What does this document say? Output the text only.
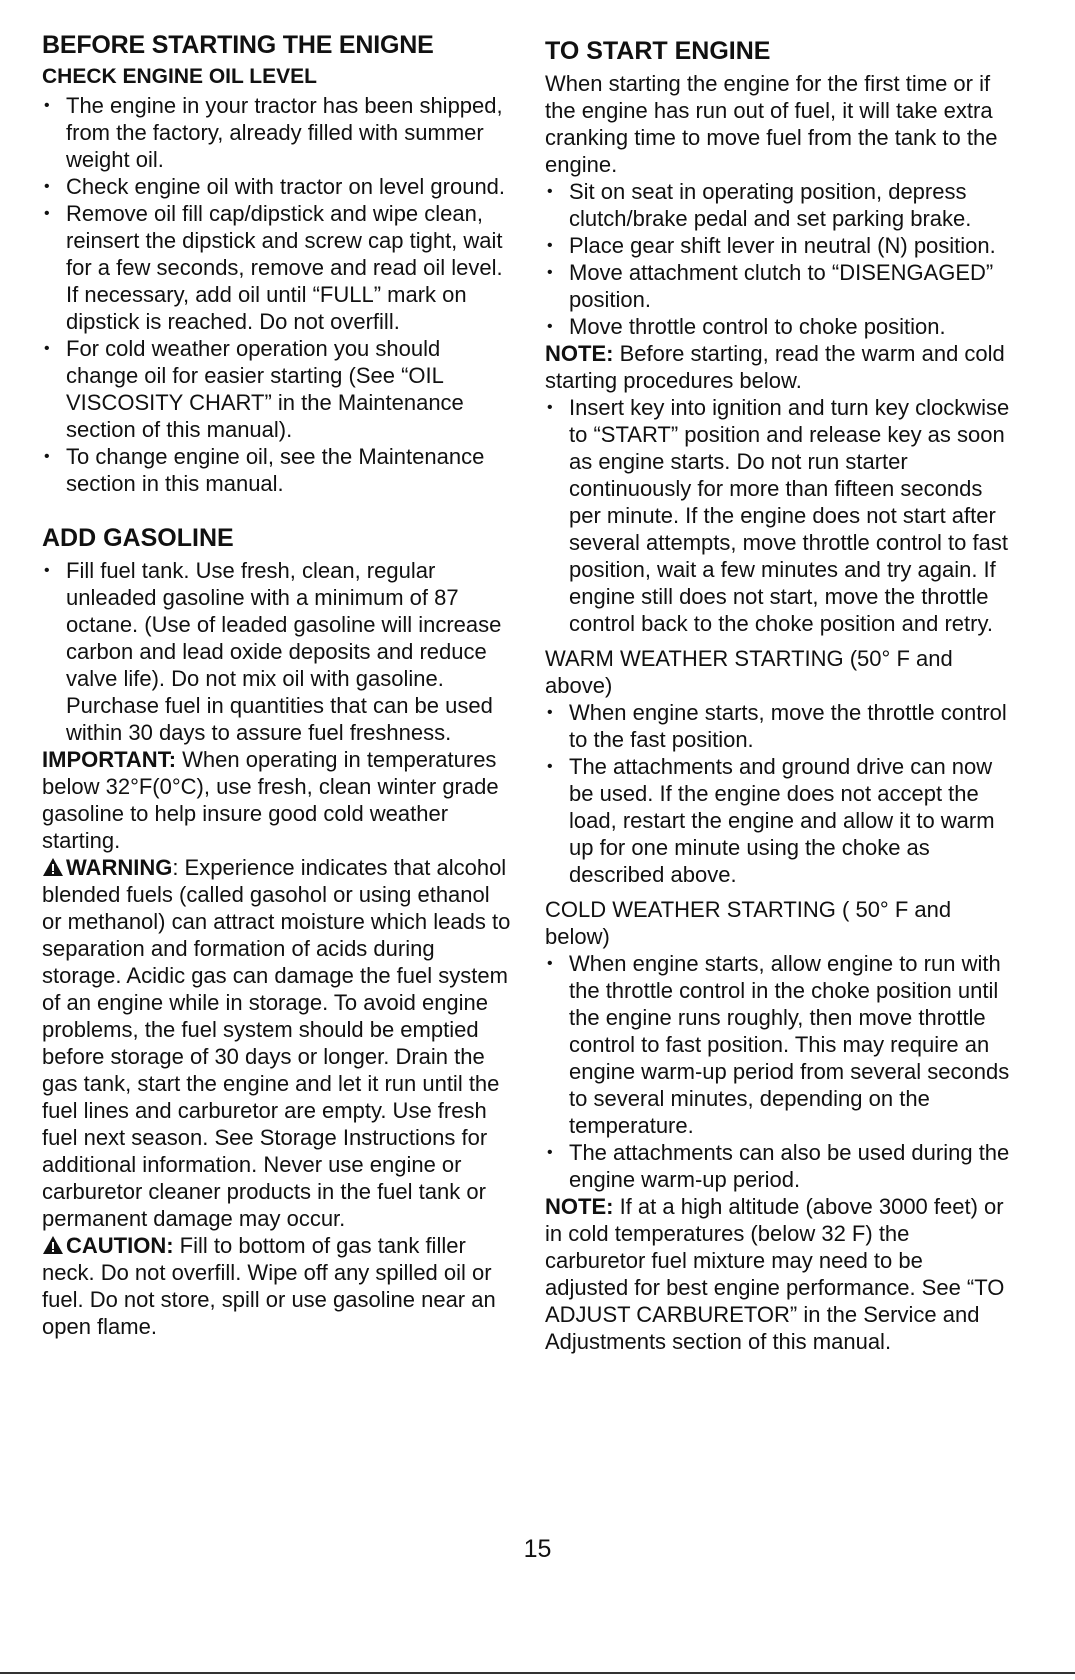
BEFORE STARTING THE ENIGNE
CHECK ENGINE OIL LEVEL
• The engine in your tractor has been shipped, from the factory, already filled with summer weight oil.
• Check engine oil with tractor on level ground.
• Remove oil fill cap/dipstick and wipe clean, reinsert the dipstick and screw cap tight, wait for a few seconds, remove and read oil level. If necessary, add oil until “FULL” mark on dipstick is reached. Do not overfill.
• For cold weather operation you should change oil for easier starting (See “OIL VISCOSITY CHART” in the Maintenance section of this manual).
• To change engine oil, see the Maintenance section in this manual.
ADD GASOLINE
• Fill fuel tank. Use fresh, clean, regular unleaded gasoline with a minimum of 87 octane. (Use of leaded gasoline will increase carbon and lead oxide deposits and reduce valve life). Do not mix oil with gasoline. Purchase fuel in quantities that can be used within 30 days to assure fuel freshness.

IMPORTANT: When operating in temperatures below 32°F(0°C), use fresh, clean winter grade gasoline to help insure good cold weather starting.

WARNING: Experience indicates that alcohol blended fuels (called gasohol or using ethanol or methanol) can attract moisture which leads to separation and formation of acids during storage. Acidic gas can damage the fuel system of an engine while in storage. To avoid engine problems, the fuel system should be emptied before storage of 30 days or longer. Drain the gas tank, start the engine and let it run until the fuel lines and carburetor are empty. Use fresh fuel next season. See Storage Instructions for additional information. Never use engine or carburetor cleaner products in the fuel tank or permanent damage may occur.

CAUTION: Fill to bottom of gas tank filler neck. Do not overfill. Wipe off any spilled oil or fuel. Do not store, spill or use gasoline near an open flame.

TO START ENGINE

When starting the engine for the first time or if the engine has run out of fuel, it will take extra cranking time to move fuel from the tank to the engine.

• Sit on seat in operating position, depress clutch/brake pedal and set parking brake.
• Place gear shift lever in neutral (N) position.
• Move attachment clutch to “DISENGAGED” position.
• Move throttle control to choke position.

NOTE: Before starting, read the warm and cold starting procedures below.

• Insert key into ignition and turn key clockwise to “START” position and release key as soon as engine starts. Do not run starter continuously for more than fifteen seconds per minute. If the engine does not start after several attempts, move throttle control to fast position, wait a few minutes and try again. If engine still does not start, move the throttle control back to the choke position and retry.

WARM WEATHER STARTING (50° F and above)

• When engine starts, move the throttle control to the fast position.
• The attachments and ground drive can now be used. If the engine does not accept the load, restart the engine and allow it to warm up for one minute using the choke as described above.

COLD WEATHER STARTING ( 50° F and below)

• When engine starts, allow engine to run with the throttle control in the choke position until the engine runs roughly, then move throttle control to fast position. This may require an engine warm-up period from several seconds to several minutes, depending on the temperature.
• The attachments can also be used during the engine warm-up period.

NOTE: If at a high altitude (above 3000 feet) or in cold temperatures (below 32 F) the carburetor fuel mixture may need to be adjusted for best engine performance. See “TO ADJUST CARBURETOR” in the Service and Adjustments section of this manual.

15
